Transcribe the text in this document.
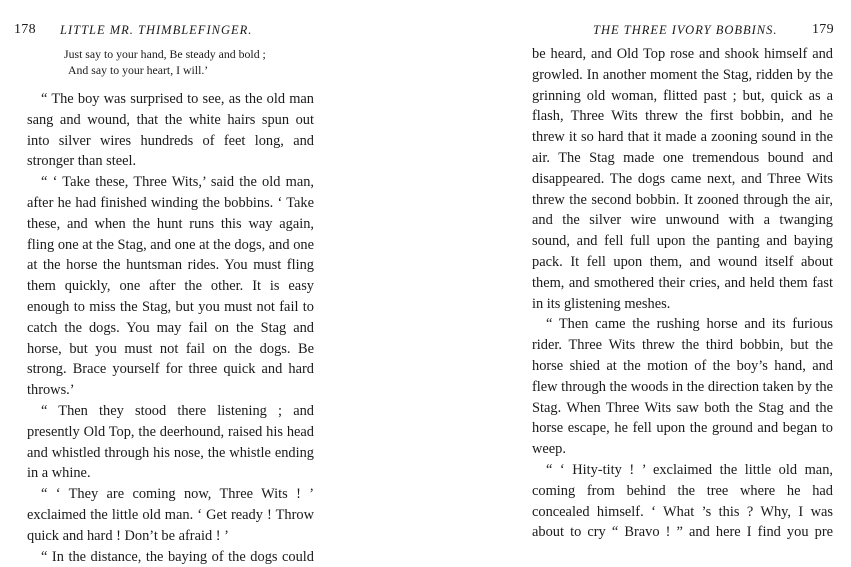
178 LITTLE MR. THIMBLEFINGER.
Just say to your hand, Be steady and bold ;
And say to your heart, I will.’

“ The boy was surprised to see, as the old man sang and wound, that the white hairs spun out into silver wires hundreds of feet long, and stronger than steel.

“ ‘ Take these, Three Wits,’ said the old man, after he had finished winding the bobbins. ‘ Take these, and when the hunt runs this way again, fling one at the Stag, and one at the dogs, and one at the horse the huntsman rides. You must fling them quickly, one after the other. It is easy enough to miss the Stag, but you must not fail to catch the dogs. You may fail on the Stag and horse, but you must not fail on the dogs. Be strong. Brace yourself for three quick and hard throws.’

“ Then they stood there listening ; and presently Old Top, the deerhound, raised his head and whistled through his nose, the whistle ending in a whine.

“ ‘ They are coming now, Three Wits ! ’ exclaimed the little old man. ‘ Get ready ! Throw quick and hard ! Don’t be afraid ! ’

“ In the distance, the baying of the dogs could

THE THREE IVORY BOBBINS. 179

be heard, and Old Top rose and shook himself and growled. In another moment the Stag, ridden by the grinning old woman, flitted past ; but, quick as a flash, Three Wits threw the first bobbin, and he threw it so hard that it made a zooning sound in the air. The Stag made one tremendous bound and disappeared. The dogs came next, and Three Wits threw the second bobbin. It zooned through the air, and the silver wire unwound with a twanging sound, and fell full upon the panting and baying pack. It fell upon them, and wound itself about them, and smothered their cries, and held them fast in its glistening meshes.

“ Then came the rushing horse and its furious rider. Three Wits threw the third bobbin, but the horse shied at the motion of the boy’s hand, and flew through the woods in the direction taken by the Stag. When Three Wits saw both the Stag and the horse escape, he fell upon the ground and began to weep.

“ ‘ Hity-tity ! ’ exclaimed the little old man, coming from behind the tree where he had concealed himself. ‘ What ’s this ? Why, I was about to cry “ Bravo ! ” and here I find you pre
